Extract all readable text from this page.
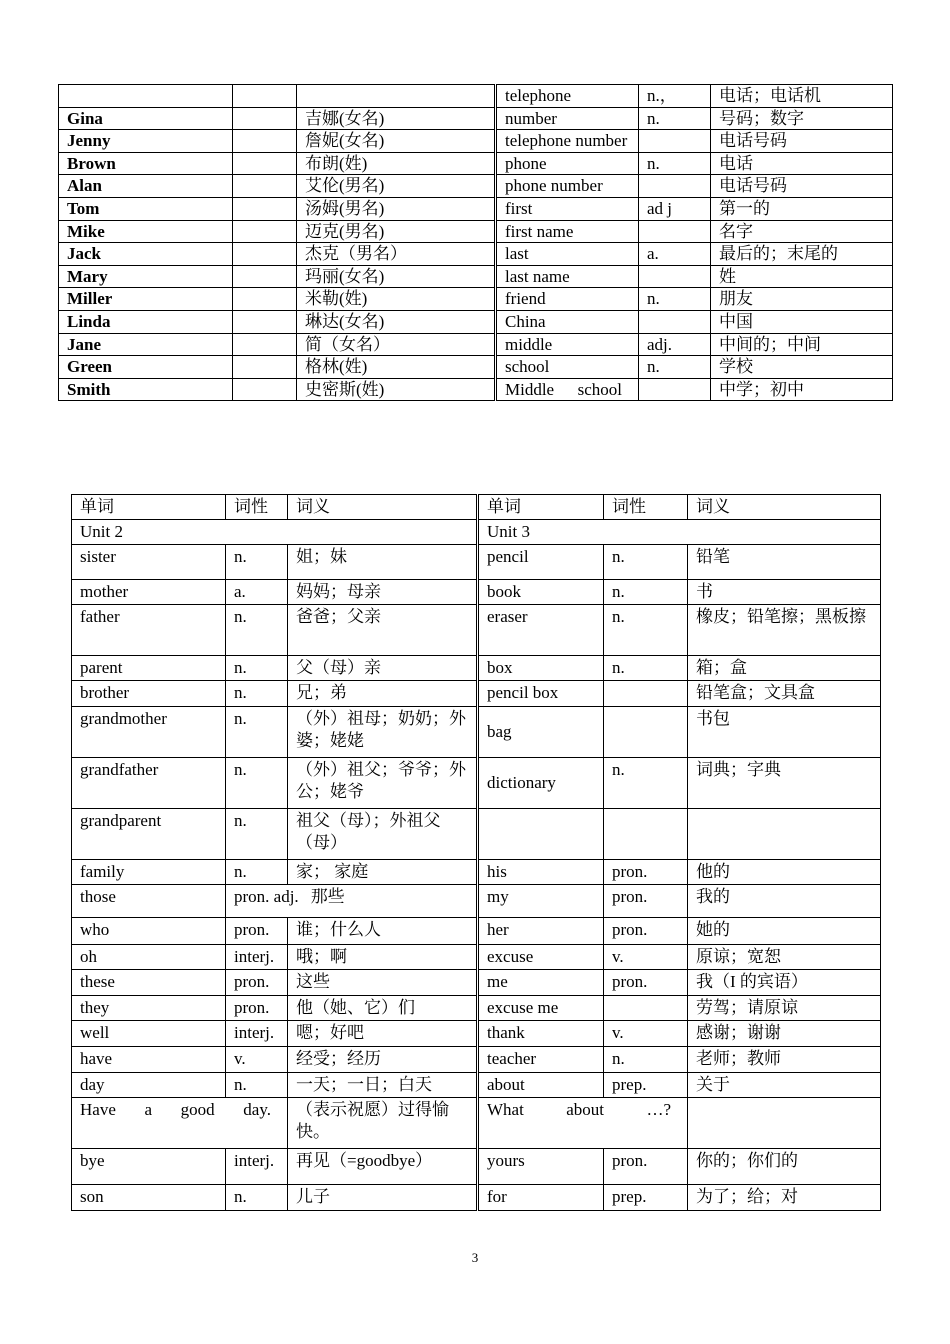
			telephone	n.，	电话；电话机
Gina		吉娜(女名)	number	n.	号码；数字
Jenny		詹妮(女名)	telephone number		电话号码
Brown		布朗(姓)	phone	n.	电话
Alan		艾伦(男名)	phone number		电话号码
Tom		汤姆(男名)	first	ad j	第一的
Mike		迈克(男名)	first name		名字
Jack		杰克（男名）	last	a.	最后的；末尾的
Mary		玛丽(女名)	last name		姓
Miller		米勒(姓)	friend	n.	朋友
Linda		琳达(女名)	China		中国
Jane		简（女名）	middle	adj.	中间的；中间
Green		格林(姓)	school	n.	学校
Smith		史密斯(姓)	Middle school		中学；初中
单词	词性	词义	单词	词性	词义
Unit 2			Unit 3		
sister	n.	姐；妹	pencil	n.	铅笔
mother	a.	妈妈；母亲	book	n.	书
father	n.	爸爸；父亲	eraser	n.	橡皮；铅笔擦；黑板擦
parent	n.	父（母）亲	box	n.	箱；盒
brother	n.	兄；弟	pencil box		铅笔盒；文具盒
grandmother	n.	（外）祖母；奶奶；外婆；姥姥	bag		书包
grandfather	n.	（外）祖父；爷爷；外公；姥爷	dictionary	n.	词典；字典
grandparent	n.	祖父（母）；外祖父（母）			
family	n.	家； 家庭	his	pron.	他的
those	pron. adj. 那些		my	pron.	我的
who	pron.	谁；什么人	her	pron.	她的
oh	interj.	哦；啊	excuse	v.	原谅；宽恕
these	pron.	这些	me	pron.	我（I 的宾语）
they	pron.	他（她、它）们	excuse me		劳驾；请原谅
well	interj.	嗯；好吧	thank	v.	感谢；谢谢
have	v.	经受；经历	teacher	n.	老师；教师
day	n.	一天；一日；白天	about	prep.	关于
Have a good day.		（表示祝愿）过得愉快。	What about …?		
bye	interj.	再见（=goodbye）	yours	pron.	你的；你们的
son	n.	儿子	for	prep.	为了；给；对
3
